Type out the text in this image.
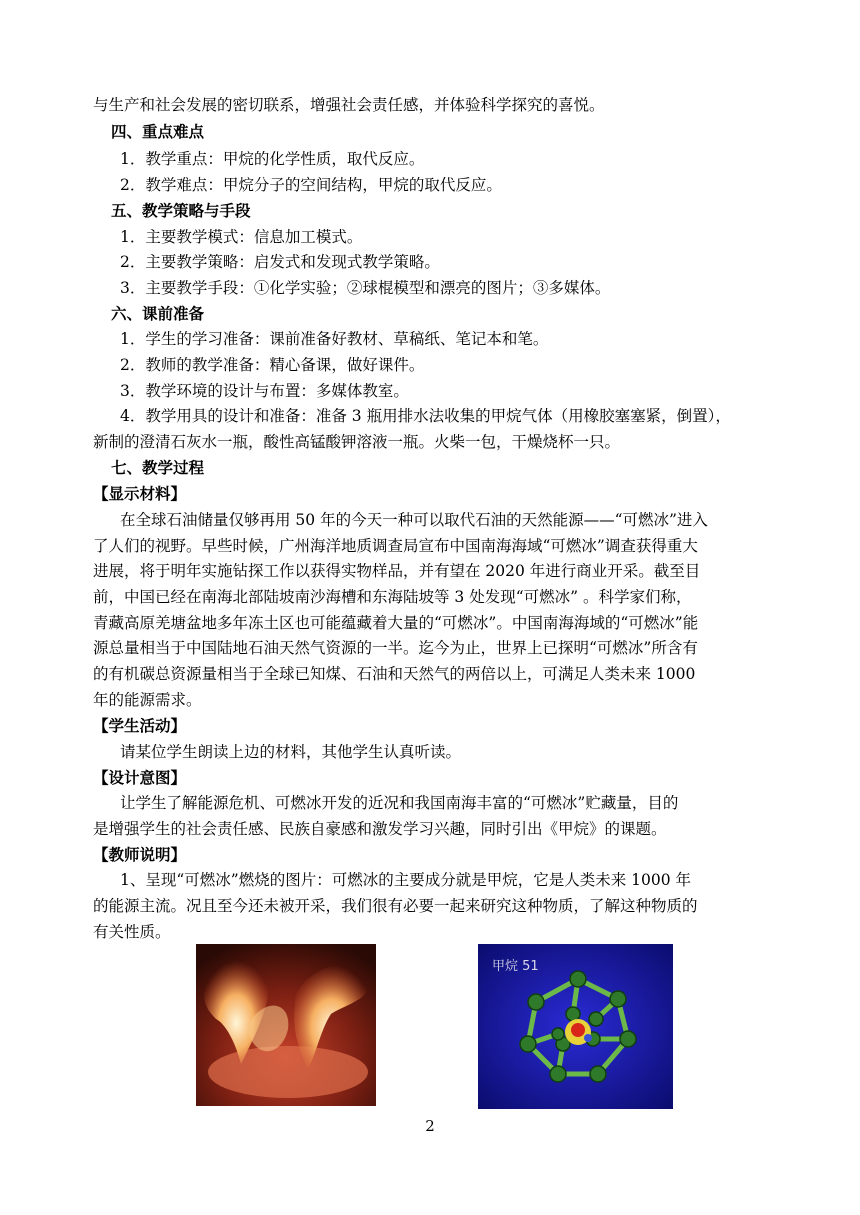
与生产和社会发展的密切联系，增强社会责任感，并体验科学探究的喜悦。
四、重点难点
1．教学重点：甲烷的化学性质，取代反应。
2．教学难点：甲烷分子的空间结构，甲烷的取代反应。
五、教学策略与手段
1．主要教学模式：信息加工模式。
2．主要教学策略：启发式和发现式教学策略。
3．主要教学手段：①化学实验；②球棍模型和漂亮的图片；③多媒体。
六、课前准备
1．学生的学习准备：课前准备好教材、草稿纸、笔记本和笔。
2．教师的教学准备：精心备课，做好课件。
3．教学环境的设计与布置：多媒体教室。
4．教学用具的设计和准备：准备 3 瓶用排水法收集的甲烷气体（用橡胶塞塞紧，倒置），
新制的澄清石灰水一瓶，酸性高锰酸钾溶液一瓶。火柴一包，干燥烧杯一只。
七、教学过程
【显示材料】
在全球石油储量仅够再用 50 年的今天一种可以取代石油的天然能源——“可燃冰”进入
了人们的视野。早些时候，广州海洋地质调查局宣布中国南海海域“可燃冰”调查获得重大
进展，将于明年实施钻探工作以获得实物样品，并有望在 2020 年进行商业开采。截至目
前，中国已经在南海北部陆坡南沙海槽和东海陆坡等 3 处发现“可燃冰” 。科学家们称，
青藏高原羌塘盆地多年冻土区也可能蕴藏着大量的“可燃冰”。中国南海海域的“可燃冰”能
源总量相当于中国陆地石油天然气资源的一半。迄今为止，世界上已探明“可燃冰”所含有
的有机碳总资源量相当于全球已知煤、石油和天然气的两倍以上，可满足人类未来 1000
年的能源需求。
【学生活动】
请某位学生朗读上边的材料，其他学生认真听读。
【设计意图】
让学生了解能源危机、可燃冰开发的近况和我国南海丰富的“可燃冰”贮藏量，目的
是增强学生的社会责任感、民族自豪感和激发学习兴趣，同时引出《甲烷》的课题。
【教师说明】
1、呈现“可燃冰”燃烧的图片：可燃冰的主要成分就是甲烷，它是人类未来 1000 年
的能源主流。况且至今还未被开采，我们很有必要一起来研究这种物质，了解这种物质的
有关性质。
甲烷 51
2
